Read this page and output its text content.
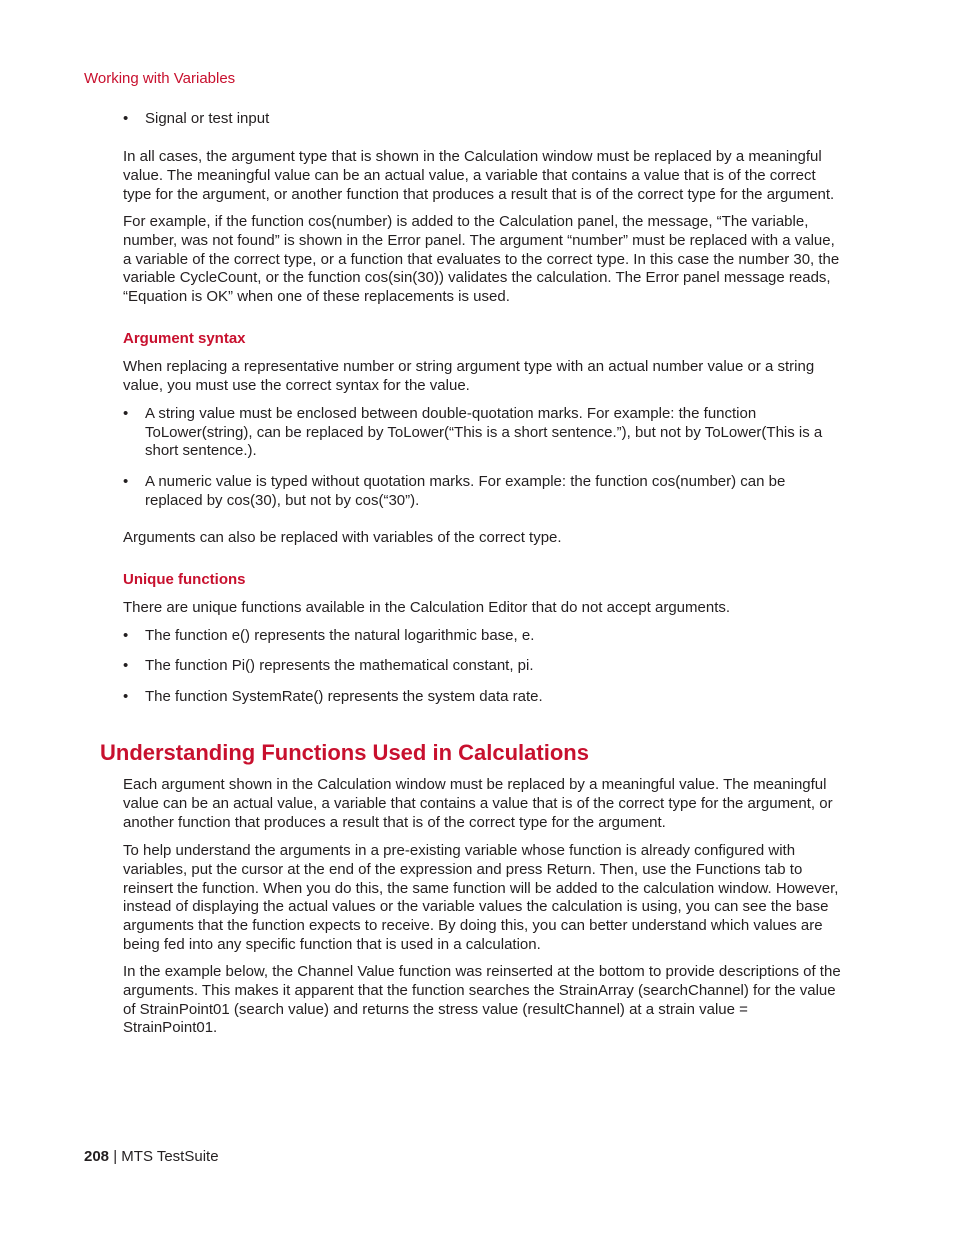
Working with Variables
• Signal or test input

In all cases, the argument type that is shown in the Calculation window must be replaced by a meaningful value. The meaningful value can be an actual value, a variable that contains a value that is of the correct type for the argument, or another function that produces a result that is of the correct type for the argument.

For example, if the function cos(number) is added to the Calculation panel, the message, “The variable, number, was not found” is shown in the Error panel. The argument “number” must be replaced with a value, a variable of the correct type, or a function that evaluates to the correct type. In this case the number 30, the variable CycleCount, or the function cos(sin(30)) validates the calculation. The Error panel message reads, “Equation is OK” when one of these replacements is used.

Argument syntax

When replacing a representative number or string argument type with an actual number value or a string value, you must use the correct syntax for the value.

• A string value must be enclosed between double-quotation marks. For example: the function ToLower(string), can be replaced by ToLower(“This is a short sentence.”), but not by ToLower(This is a short sentence.).
• A numeric value is typed without quotation marks. For example: the function cos(number) can be replaced by cos(30), but not by cos(“30”).

Arguments can also be replaced with variables of the correct type.

Unique functions

There are unique functions available in the Calculation Editor that do not accept arguments.

• The function e() represents the natural logarithmic base, e.
• The function Pi() represents the mathematical constant, pi.
• The function SystemRate() represents the system data rate.
Understanding Functions Used in Calculations

Each argument shown in the Calculation window must be replaced by a meaningful value. The meaningful value can be an actual value, a variable that contains a value that is of the correct type for the argument, or another function that produces a result that is of the correct type for the argument.

To help understand the arguments in a pre-existing variable whose function is already configured with variables, put the cursor at the end of the expression and press Return. Then, use the Functions tab to reinsert the function. When you do this, the same function will be added to the calculation window. However, instead of displaying the actual values or the variable values the calculation is using, you can see the base arguments that the function expects to receive. By doing this, you can better understand which values are being fed into any specific function that is used in a calculation.

In the example below, the Channel Value function was reinserted at the bottom to provide descriptions of the arguments. This makes it apparent that the function searches the StrainArray (searchChannel) for the value of StrainPoint01 (search value) and returns the stress value (resultChannel) at a strain value = StrainPoint01.

208 | MTS TestSuite
